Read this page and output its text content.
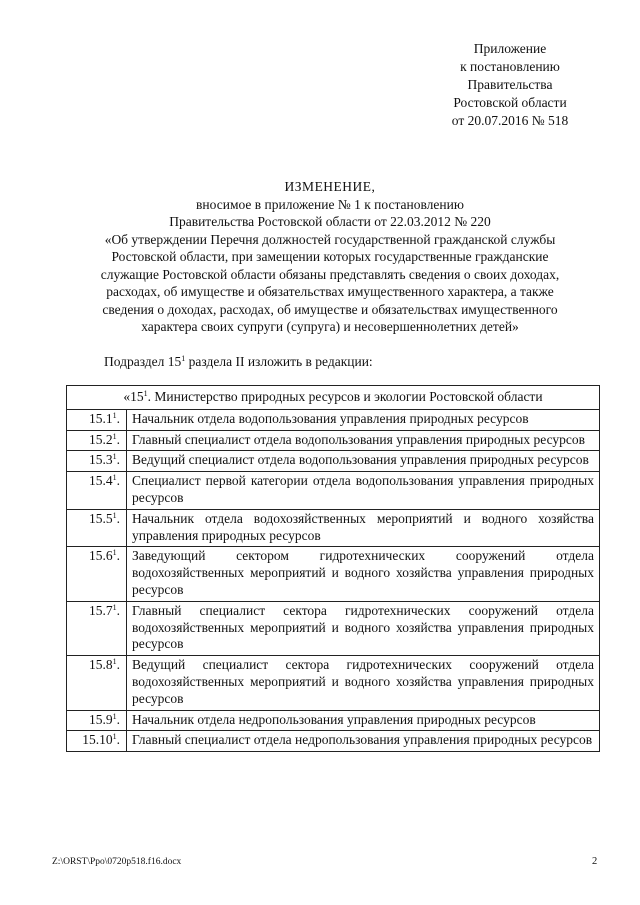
Приложение
к постановлению
Правительства
Ростовской области
от 20.07.2016 № 518
ИЗМЕНЕНИЕ,
вносимое в приложение № 1 к постановлению
Правительства Ростовской области от 22.03.2012 № 220
«Об утверждении Перечня должностей государственной гражданской службы
Ростовской области, при замещении которых государственные гражданские
служащие Ростовской области обязаны представлять сведения о своих доходах,
расходах, об имуществе и обязательствах имущественного характера, а также
сведения о доходах, расходах, об имуществе и обязательствах имущественного
характера своих супруги (супруга) и несовершеннолетних детей»
Подраздел $15^1$ раздела II изложить в редакции:
«$15^1$. Министерство природных ресурсов и экологии Ростовской области	
15.1$^1$.	Начальник отдела водопользования управления природных ресурсов
15.2$^1$.	Главный специалист отдела водопользования управления природных ресурсов
15.3$^1$.	Ведущий специалист отдела водопользования управления природных ресурсов
15.4$^1$.	Специалист первой категории отдела водопользования управления природных ресурсов
15.5$^1$.	Начальник отдела водохозяйственных мероприятий и водного хозяйства управления природных ресурсов
15.6$^1$.	Заведующий сектором гидротехнических сооружений отдела водохозяйственных мероприятий и водного хозяйства управления природных ресурсов
15.7$^1$.	Главный специалист сектора гидротехнических сооружений отдела водохозяйственных мероприятий и водного хозяйства управления природных ресурсов
15.8$^1$.	Ведущий специалист сектора гидротехнических сооружений отдела водохозяйственных мероприятий и водного хозяйства управления природных ресурсов
15.9$^1$.	Начальник отдела недропользования управления природных ресурсов
15.10$^1$.	Главный специалист отдела недропользования управления природных ресурсов
Z:\ORST\Ppo\0720p518.f16.docx	2
